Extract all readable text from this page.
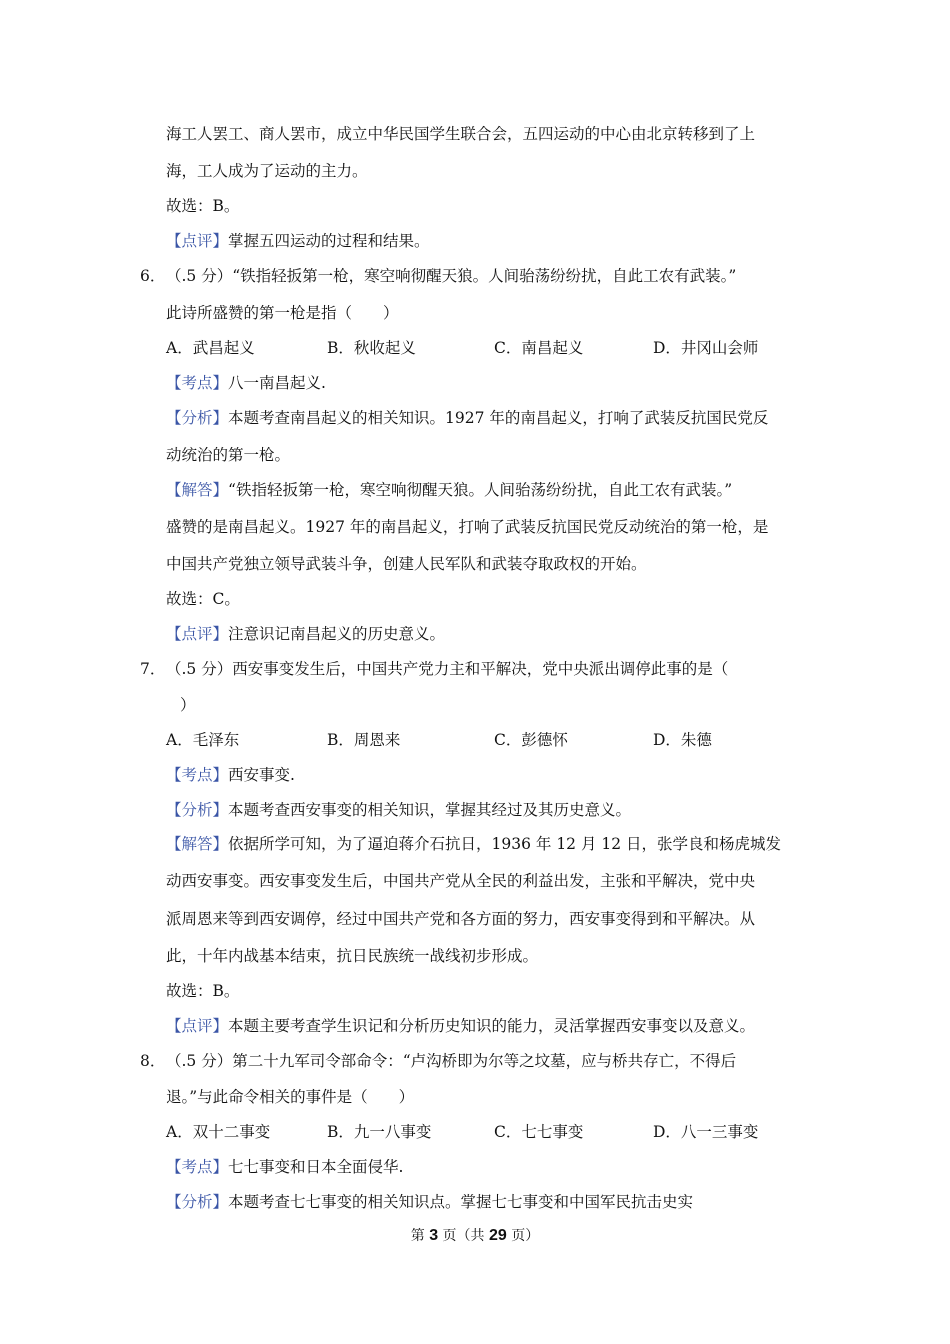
海工人罢工、商人罢市，成立中华民国学生联合会，五四运动的中心由北京转移到了上
海，工人成为了运动的主力。
故选：B。
【点评】掌握五四运动的过程和结果。
6． （.5 分）“铁指轻扳第一枪，寒空响彻醒天狼。人间骀荡纷纷扰，自此工农有武装。”
此诗所盛赞的第一枪是指（　　）
A．武昌起义	B．秋收起义	C．南昌起义	D．井冈山会师
【考点】八一南昌起义.
【分析】本题考查南昌起义的相关知识。1927 年的南昌起义，打响了武装反抗国民党反
动统治的第一枪。
【解答】“铁指轻扳第一枪，寒空响彻醒天狼。人间骀荡纷纷扰，自此工农有武装。”
盛赞的是南昌起义。1927 年的南昌起义，打响了武装反抗国民党反动统治的第一枪，是
中国共产党独立领导武装斗争，创建人民军队和武装夺取政权的开始。
故选：C。
【点评】注意识记南昌起义的历史意义。
7． （.5 分）西安事变发生后，中国共产党力主和平解决，党中央派出调停此事的是（
）
A．毛泽东	B．周恩来	C．彭德怀	D．朱德
【考点】西安事变.
【分析】本题考查西安事变的相关知识，掌握其经过及其历史意义。
【解答】依据所学可知，为了逼迫蒋介石抗日，1936 年 12 月 12 日，张学良和杨虎城发
动西安事变。西安事变发生后，中国共产党从全民的利益出发，主张和平解决，党中央
派周恩来等到西安调停，经过中国共产党和各方面的努力，西安事变得到和平解决。从
此，十年内战基本结束，抗日民族统一战线初步形成。
故选：B。
【点评】本题主要考查学生识记和分析历史知识的能力，灵活掌握西安事变以及意义。
8． （.5 分）第二十九军司令部命令：“卢沟桥即为尔等之坟墓，应与桥共存亡，不得后
退。”与此命令相关的事件是（　　）
A．双十二事变	B．九一八事变	C．七七事变	D．八一三事变
【考点】七七事变和日本全面侵华.
【分析】本题考查七七事变的相关知识点。掌握七七事变和中国军民抗击史实
第 3 页（共 29 页）
